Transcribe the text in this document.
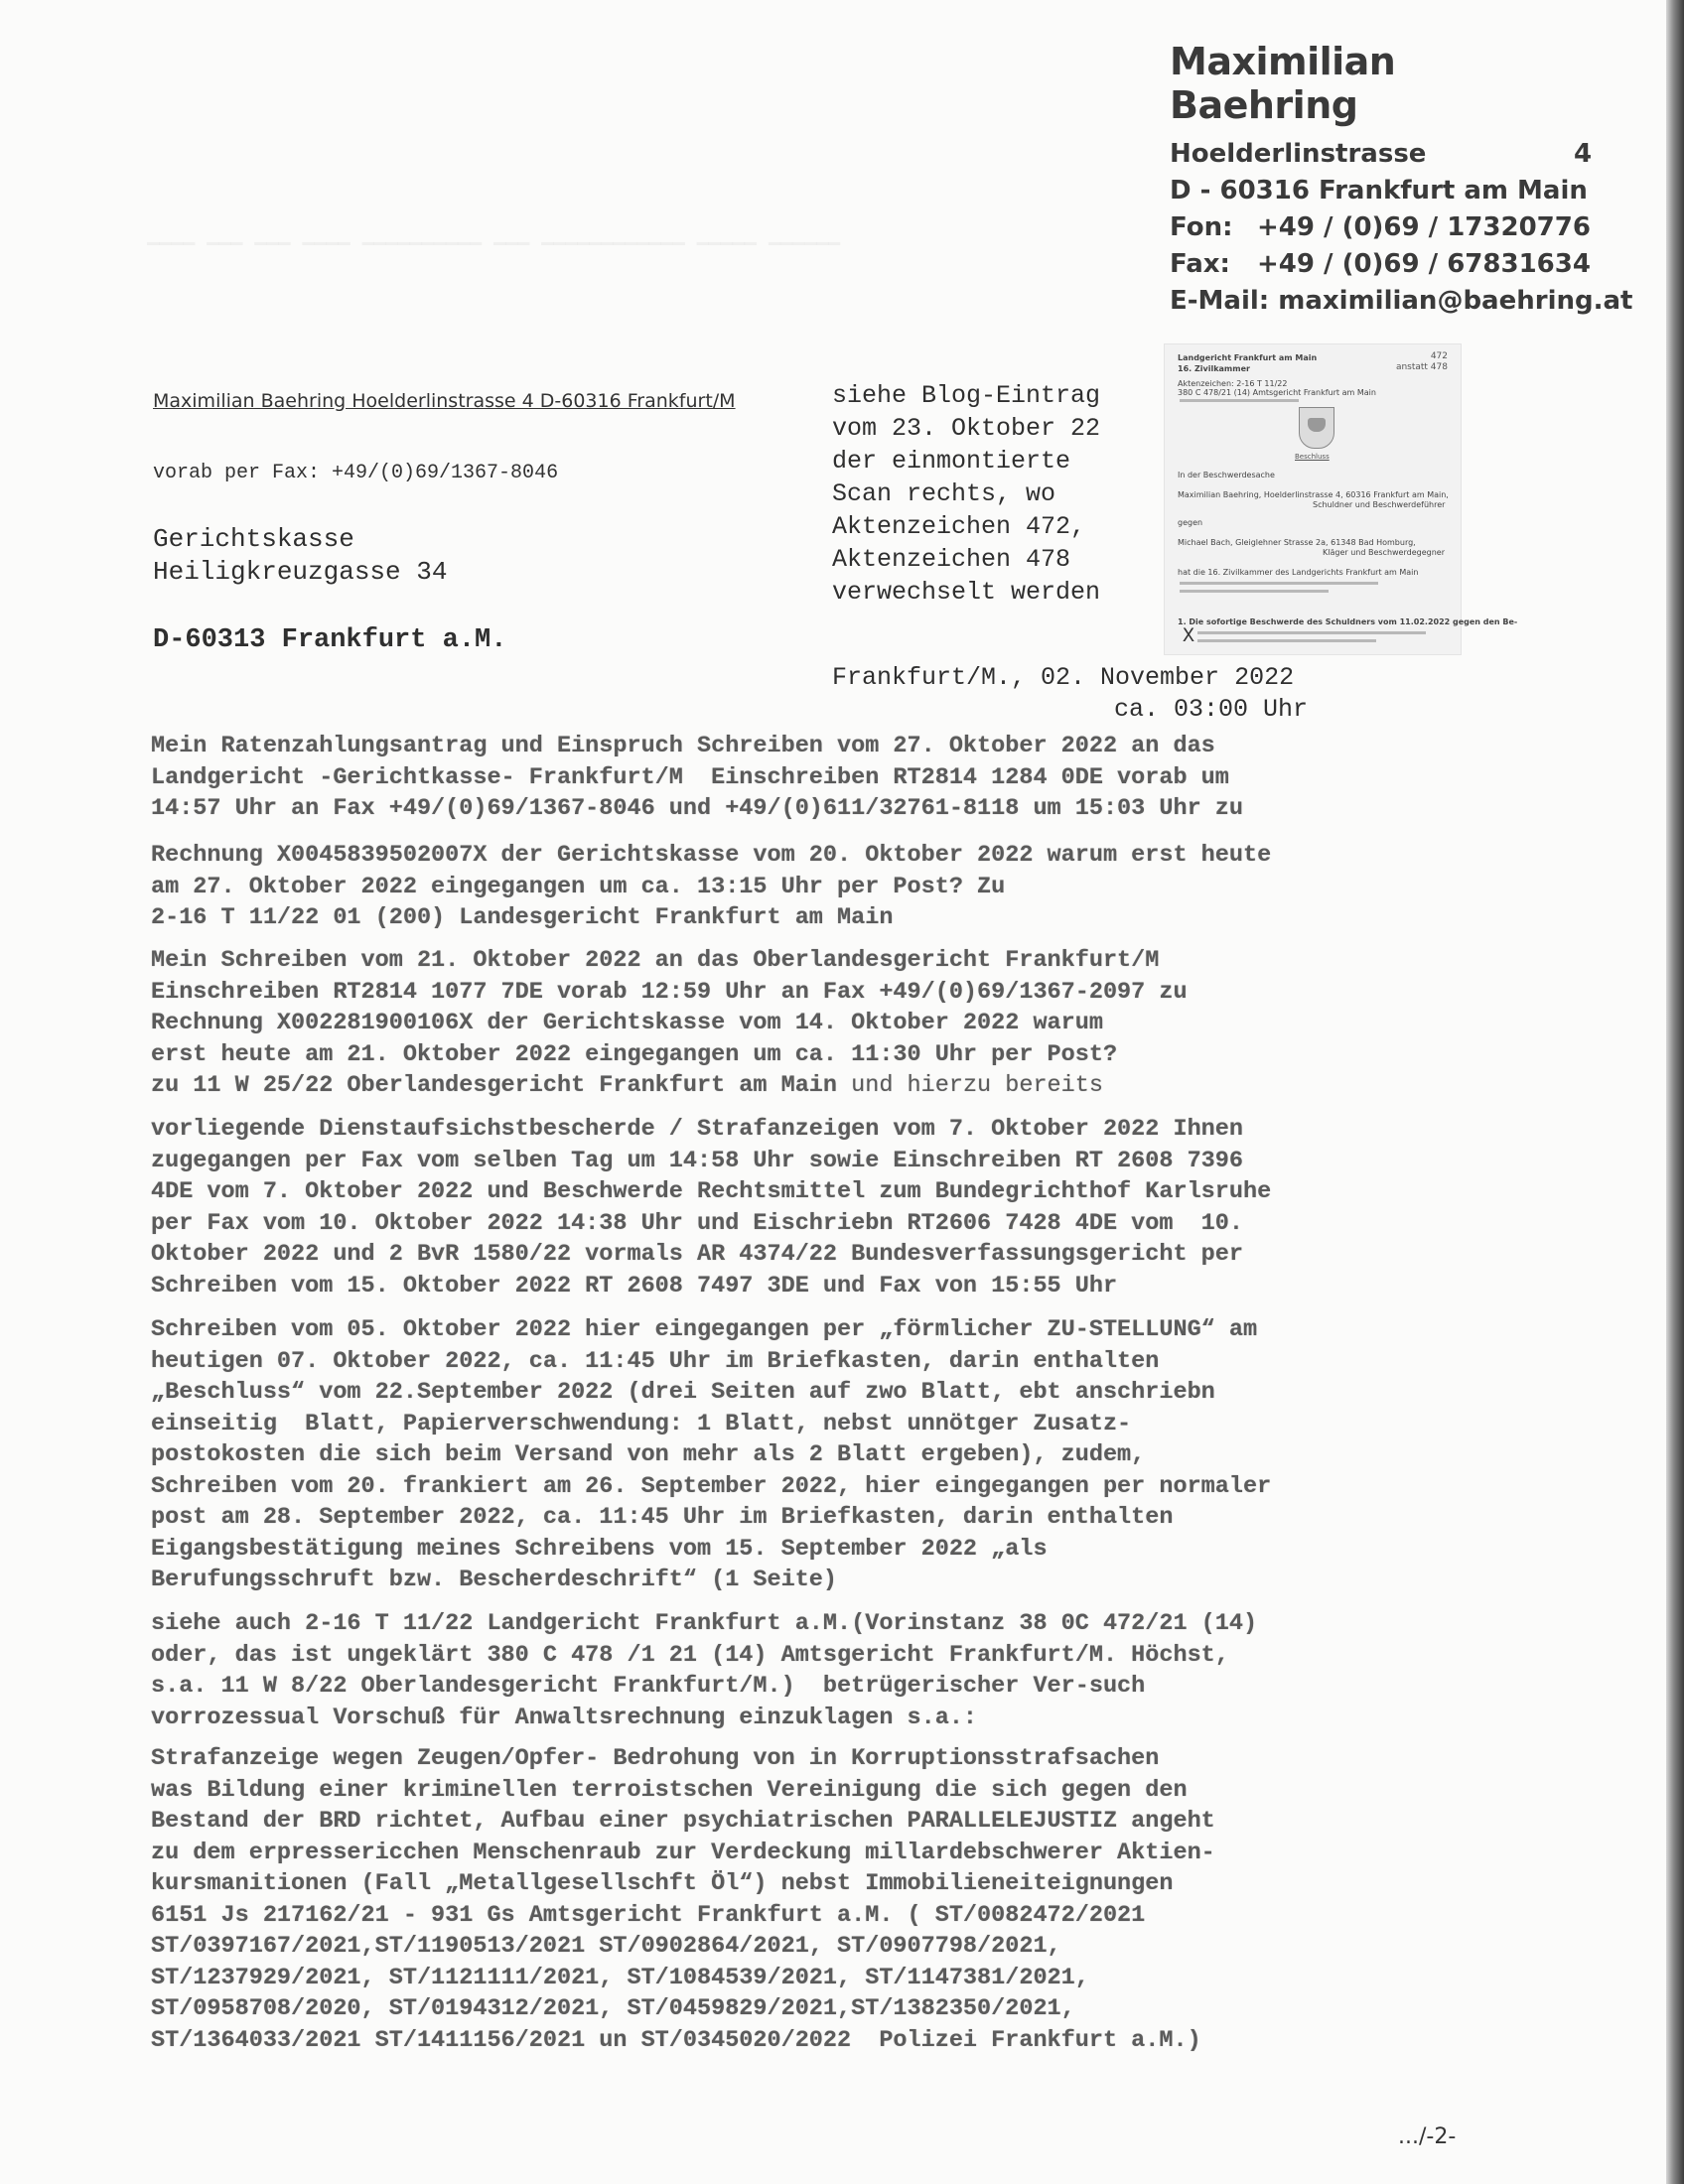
Maximilian Baehring
Hoelderlinstrasse	4
D - 60316 Frankfurt am Main
Fon: +49 / (0)69 / 17320776
Fax: +49 / (0)69 / 67831634
E-Mail: maximilian@baehring.at
Maximilian Baehring Hoelderlinstrasse 4 D-60316 Frankfurt/M
vorab per Fax: +49/(0)69/1367-8046
Gerichtskasse
Heiligkreuzgasse 34
D-60313 Frankfurt a.M.
siehe Blog-Eintrag
vom 23. Oktober 22
der einmontierte
Scan rechts, wo
Aktenzeichen 472,
Aktenzeichen 478
verwechselt werden
Landgericht Frankfurt am Main
16. Zivilkammer
472
anstatt 478
Aktenzeichen: 2-16 T 11/22
380 C 478/21 (14) Amtsgericht Frankfurt am Main
Beschluss
In der Beschwerdesache
Maximilian Baehring, Hoelderlinstrasse 4, 60316 Frankfurt am Main,
Schuldner und Beschwerdeführer
gegen
Michael Bach, Gleiglehner Strasse 2a, 61348 Bad Homburg,
Kläger und Beschwerdegegner
hat die 16. Zivilkammer des Landgerichts Frankfurt am Main
1. Die sofortige Beschwerde des Schuldners vom 11.02.2022 gegen den Be-
X
Frankfurt/M., 02. November 2022
ca. 03:00 Uhr
Mein Ratenzahlungsantrag und Einspruch Schreiben vom 27. Oktober 2022 an das
Landgericht -Gerichtkasse- Frankfurt/M  Einschreiben RT2814 1284 0DE vorab um
14:57 Uhr an Fax +49/(0)69/1367-8046 und +49/(0)611/32761-8118 um 15:03 Uhr zu
Rechnung X0045839502007X der Gerichtskasse vom 20. Oktober 2022 warum erst heute
am 27. Oktober 2022 eingegangen um ca. 13:15 Uhr per Post? Zu
2-16 T 11/22 01 (200) Landesgericht Frankfurt am Main
Mein Schreiben vom 21. Oktober 2022 an das Oberlandesgericht Frankfurt/M
Einschreiben RT2814 1077 7DE vorab 12:59 Uhr an Fax +49/(0)69/1367-2097 zu
Rechnung X002281900106X der Gerichtskasse vom 14. Oktober 2022 warum
erst heute am 21. Oktober 2022 eingegangen um ca. 11:30 Uhr per Post?
zu 11 W 25/22 Oberlandesgericht Frankfurt am Main und hierzu bereits
vorliegende Dienstaufsichstbescherde / Strafanzeigen vom 7. Oktober 2022 Ihnen
zugegangen per Fax vom selben Tag um 14:58 Uhr sowie Einschreiben RT 2608 7396
4DE vom 7. Oktober 2022 und Beschwerde Rechtsmittel zum Bundegrichthof Karlsruhe
per Fax vom 10. Oktober 2022 14:38 Uhr und Eischriebn RT2606 7428 4DE vom  10.
Oktober 2022 und 2 BvR 1580/22 vormals AR 4374/22 Bundesverfassungsgericht per
Schreiben vom 15. Oktober 2022 RT 2608 7497 3DE und Fax von 15:55 Uhr
Schreiben vom 05. Oktober 2022 hier eingegangen per „förmlicher ZU-STELLUNG“ am
heutigen 07. Oktober 2022, ca. 11:45 Uhr im Briefkasten, darin enthalten
„Beschluss“ vom 22.September 2022 (drei Seiten auf zwo Blatt, ebt anschriebn
einseitig  Blatt, Papierverschwendung: 1 Blatt, nebst unnötger Zusatz-
postokosten die sich beim Versand von mehr als 2 Blatt ergeben), zudem,
Schreiben vom 20. frankiert am 26. September 2022, hier eingegangen per normaler
post am 28. September 2022, ca. 11:45 Uhr im Briefkasten, darin enthalten
Eigangsbestätigung meines Schreibens vom 15. September 2022 „als
Berufungsschruft bzw. Bescherdeschrift“ (1 Seite)
siehe auch 2-16 T 11/22 Landgericht Frankfurt a.M.(Vorinstanz 38 0C 472/21 (14)
oder, das ist ungeklärt 380 C 478 /1 21 (14) Amtsgericht Frankfurt/M. Höchst,
s.a. 11 W 8/22 Oberlandesgericht Frankfurt/M.)  betrügerischer Ver-such
vorrozessual Vorschuß für Anwaltsrechnung einzuklagen s.a.:
Strafanzeige wegen Zeugen/Opfer- Bedrohung von in Korruptionsstrafsachen
was Bildung einer kriminellen terroistschen Vereinigung die sich gegen den
Bestand der BRD richtet, Aufbau einer psychiatrischen PARALLELEJUSTIZ angeht
zu dem erpressericchen Menschenraub zur Verdeckung millardebschwerer Aktien-
kursmanitionen (Fall „Metallgesellschft Öl“) nebst Immobilieneiteignungen
6151 Js 217162/21 - 931 Gs Amtsgericht Frankfurt a.M. ( ST/0082472/2021
ST/0397167/2021,ST/1190513/2021 ST/0902864/2021, ST/0907798/2021,
ST/1237929/2021, ST/1121111/2021, ST/1084539/2021, ST/1147381/2021,
ST/0958708/2020, ST/0194312/2021, ST/0459829/2021,ST/1382350/2021,
ST/1364033/2021 ST/1411156/2021 un ST/0345020/2022  Polizei Frankfurt a.M.)
.../-2-
